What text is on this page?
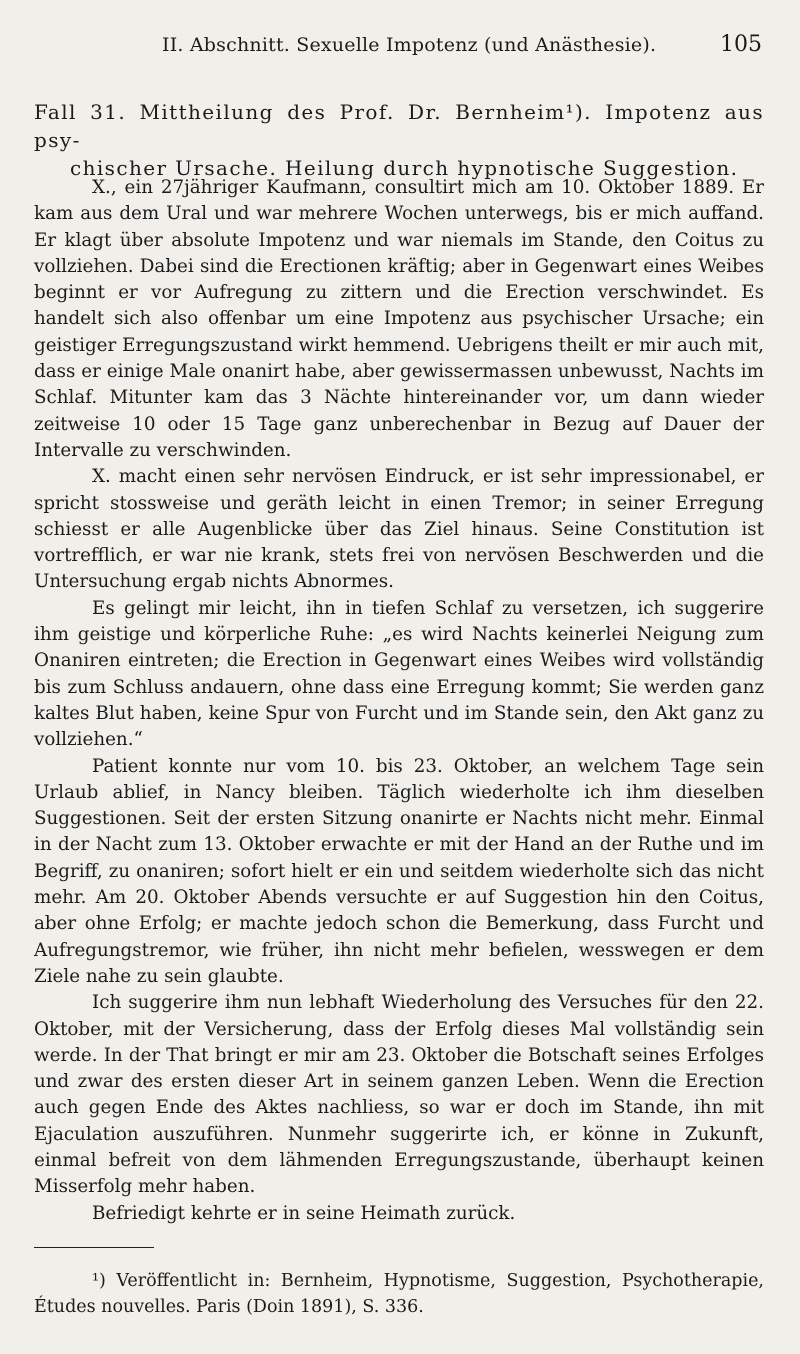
II. Abschnitt. Sexuelle Impotenz (und Anästhesie).	105
Fall 31. Mittheilung des Prof. Dr. Bernheim¹). Impotenz aus psy-
chischer Ursache. Heilung durch hypnotische Suggestion.

X., ein 27jähriger Kaufmann, consultirt mich am 10. Oktober 1889. Er kam aus dem Ural und war mehrere Wochen unterwegs, bis er mich auffand. Er klagt über absolute Impotenz und war niemals im Stande, den Coitus zu vollziehen. Dabei sind die Erectionen kräftig; aber in Gegenwart eines Weibes beginnt er vor Aufregung zu zittern und die Erection verschwindet. Es handelt sich also offenbar um eine Impotenz aus psychischer Ursache; ein geistiger Erregungszustand wirkt hemmend. Uebrigens theilt er mir auch mit, dass er einige Male onanirt habe, aber gewissermassen unbewusst, Nachts im Schlaf. Mitunter kam das 3 Nächte hintereinander vor, um dann wieder zeitweise 10 oder 15 Tage ganz unberechenbar in Bezug auf Dauer der Intervalle zu verschwinden.

X. macht einen sehr nervösen Eindruck, er ist sehr impressionabel, er spricht stossweise und geräth leicht in einen Tremor; in seiner Erregung schiesst er alle Augenblicke über das Ziel hinaus. Seine Constitution ist vortrefflich, er war nie krank, stets frei von nervösen Beschwerden und die Untersuchung ergab nichts Abnormes.

Es gelingt mir leicht, ihn in tiefen Schlaf zu versetzen, ich suggerire ihm geistige und körperliche Ruhe: „es wird Nachts keinerlei Neigung zum Onaniren eintreten; die Erection in Gegenwart eines Weibes wird vollständig bis zum Schluss andauern, ohne dass eine Erregung kommt; Sie werden ganz kaltes Blut haben, keine Spur von Furcht und im Stande sein, den Akt ganz zu vollziehen.“

Patient konnte nur vom 10. bis 23. Oktober, an welchem Tage sein Urlaub ablief, in Nancy bleiben. Täglich wiederholte ich ihm dieselben Suggestionen. Seit der ersten Sitzung onanirte er Nachts nicht mehr. Einmal in der Nacht zum 13. Oktober erwachte er mit der Hand an der Ruthe und im Begriff, zu onaniren; sofort hielt er ein und seitdem wiederholte sich das nicht mehr. Am 20. Oktober Abends versuchte er auf Suggestion hin den Coitus, aber ohne Erfolg; er machte jedoch schon die Bemerkung, dass Furcht und Aufregungstremor, wie früher, ihn nicht mehr befielen, wesswegen er dem Ziele nahe zu sein glaubte.

Ich suggerire ihm nun lebhaft Wiederholung des Versuches für den 22. Oktober, mit der Versicherung, dass der Erfolg dieses Mal vollständig sein werde. In der That bringt er mir am 23. Oktober die Botschaft seines Erfolges und zwar des ersten dieser Art in seinem ganzen Leben. Wenn die Erection auch gegen Ende des Aktes nachliess, so war er doch im Stande, ihn mit Ejaculation auszuführen. Nunmehr suggerirte ich, er könne in Zukunft, einmal befreit von dem lähmenden Erregungszustande, überhaupt keinen Misserfolg mehr haben.

Befriedigt kehrte er in seine Heimath zurück.

¹) Veröffentlicht in: Bernheim, Hypnotisme, Suggestion, Psychotherapie, Études nouvelles. Paris (Doin 1891), S. 336.
